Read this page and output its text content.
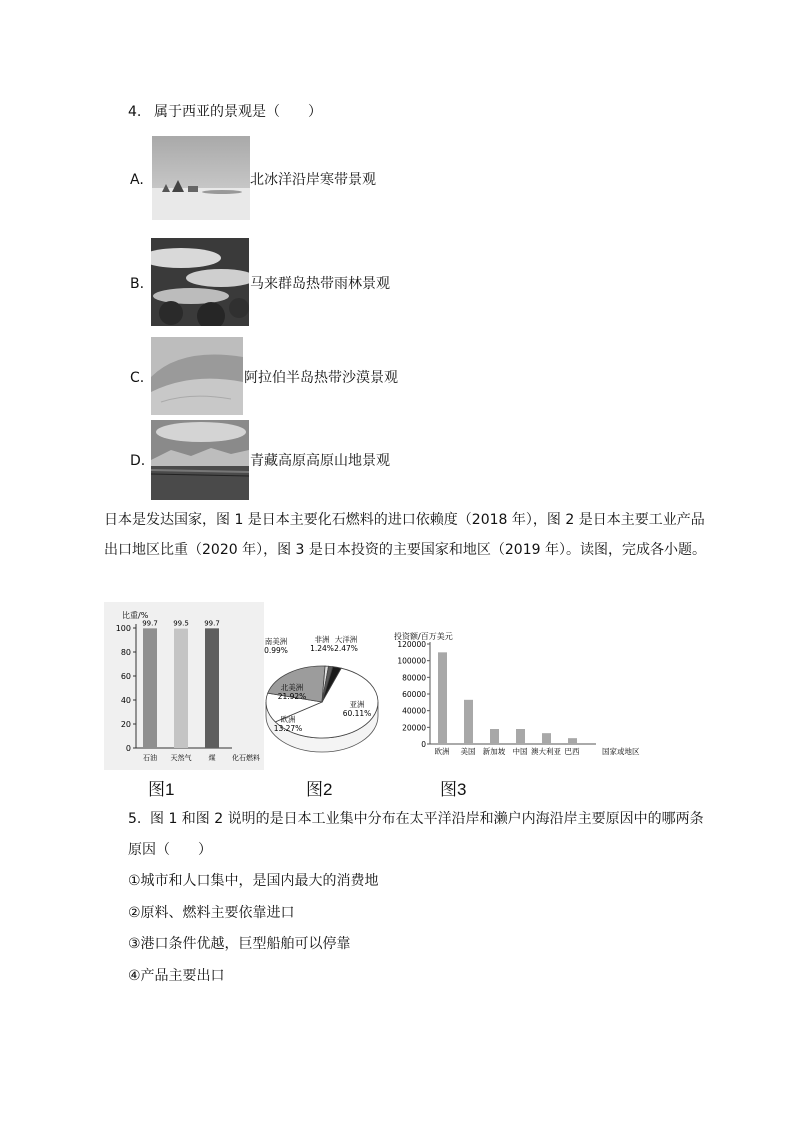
4. 属于西亚的景观是（　　）
A.	北冰洋沿岸寒带景观
B.	马来群岛热带雨林景观
C.	阿拉伯半岛热带沙漠景观
D.	青藏高原高原山地景观
日本是发达国家，图 1 是日本主要化石燃料的进口依赖度（2018 年），图 2 是日本主要工业产品
出口地区比重（2020 年），图 3 是日本投资的主要国家和地区（2019 年）。读图，完成各小题。
比重/%
0
20
40
60
80
100
99.7
石油
99.5
天然气
99.7
煤 化石燃料
图1
亚洲
60.11%
欧洲
13.27%
北美洲
21.92%
南美洲
0.99%
非洲
1.24%
大洋洲
2.47%
图2
投资额/百万美元
0
20000
40000
60000
80000
100000
120000
欧洲 美国 新加坡 中国 澳大利亚 巴西	国家或地区
图3
5. 图 1 和图 2 说明的是日本工业集中分布在太平洋沿岸和濑户内海沿岸主要原因中的哪两条
原因（　　）
①城市和人口集中，是国内最大的消费地
②原料、燃料主要依靠进口
③港口条件优越，巨型船舶可以停靠
④产品主要出口
